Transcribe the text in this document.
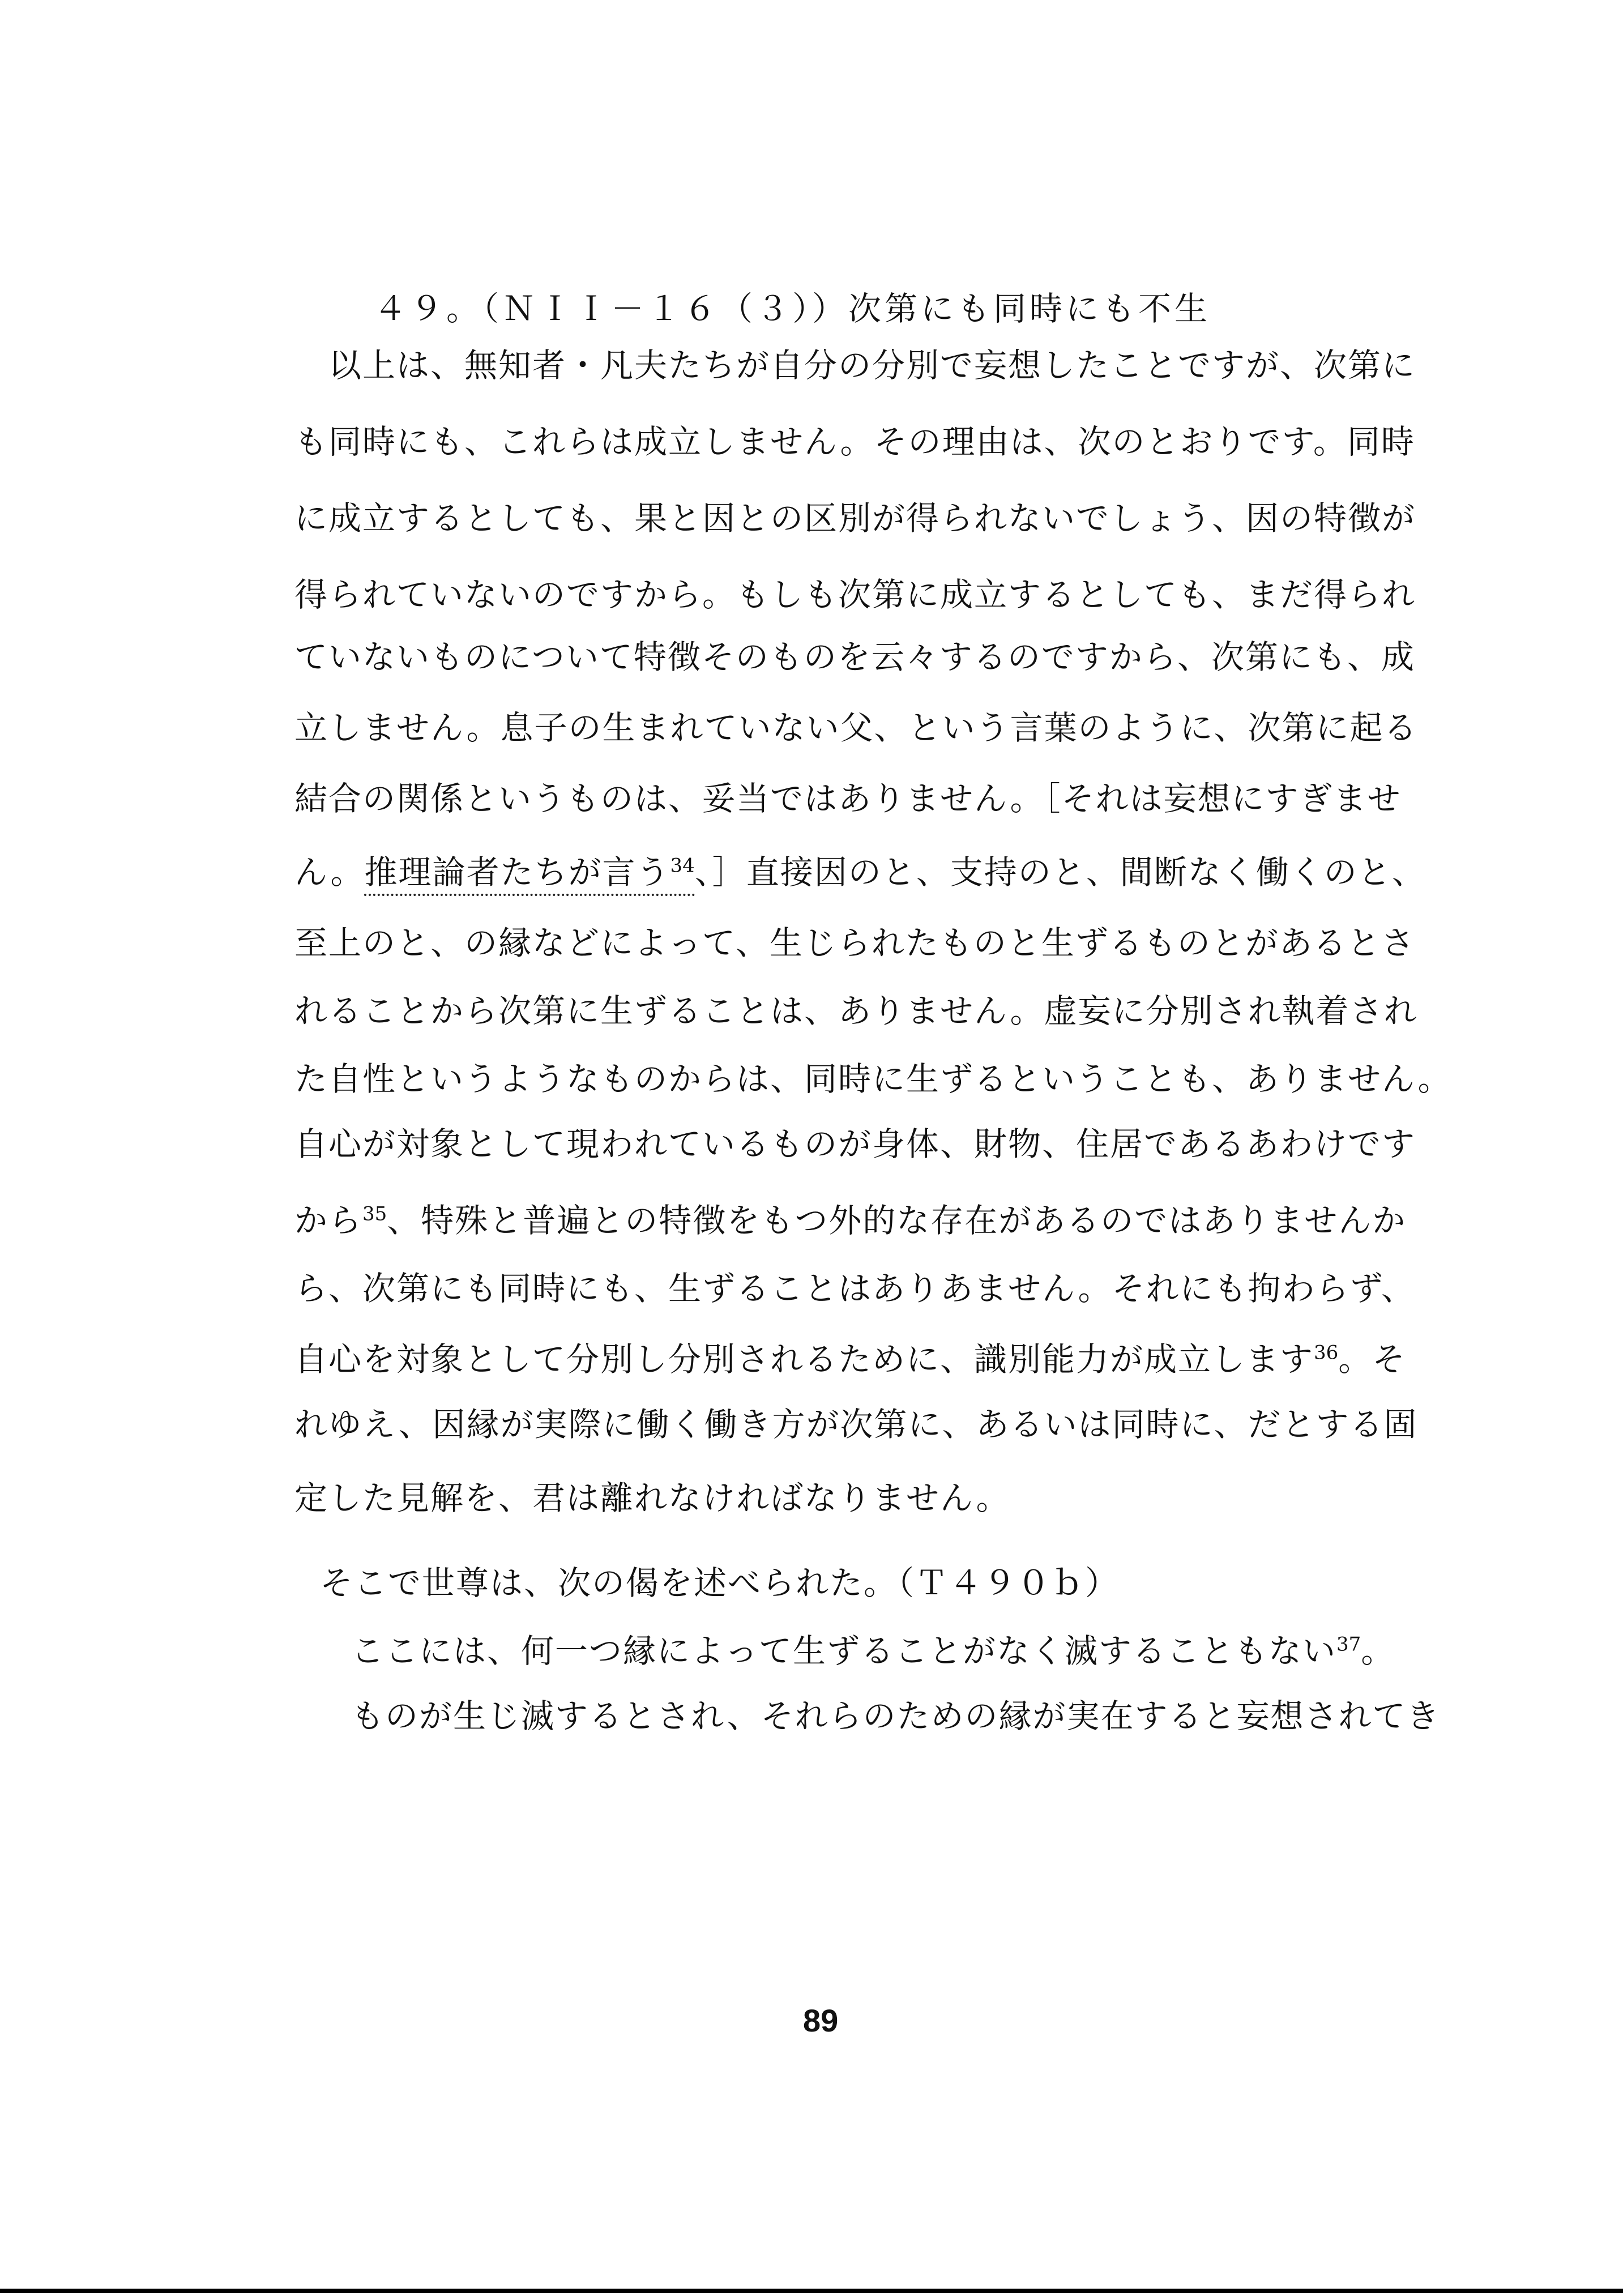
４９。（ＮＩＩ－１６（３））次第にも同時にも不生
　以上は、無知者・凡夫たちが自分の分別で妄想したことですが、次第に
も同時にも、これらは成立しません。その理由は、次のとおりです。同時
に成立するとしても、果と因との区別が得られないでしょう、因の特徴が
得られていないのですから。もしも次第に成立するとしても、まだ得られ
ていないものについて特徴そのものを云々するのですから、次第にも、成
立しません。息子の生まれていない父、という言葉のように、次第に起る
結合の関係というものは、妥当ではありません。［それは妄想にすぎませ
ん。推理論者たちが言う$^{34}$、］直接因のと、支持のと、間断なく働くのと、
至上のと、の縁などによって、生じられたものと生ずるものとがあるとさ
れることから次第に生ずることは、ありません。虚妄に分別され執着され
た自性というようなものからは、同時に生ずるということも、ありません。
自心が対象として現われているものが身体、財物、住居であるあわけです
から$^{35}$、特殊と普遍との特徴をもつ外的な存在があるのではありませんか
ら、次第にも同時にも、生ずることはありあません。それにも拘わらず、
自心を対象として分別し分別されるために、識別能力が成立します$^{36}$。そ
れゆえ、因縁が実際に働く働き方が次第に、あるいは同時に、だとする固
定した見解を、君は離れなければなりません。
そこで世尊は、次の偈を述べられた。（Ｔ４９０ｂ）
ここには、何一つ縁によって生ずることがなく滅することもない$^{37}$。
ものが生じ滅するとされ、それらのための縁が実在すると妄想されてき
89
